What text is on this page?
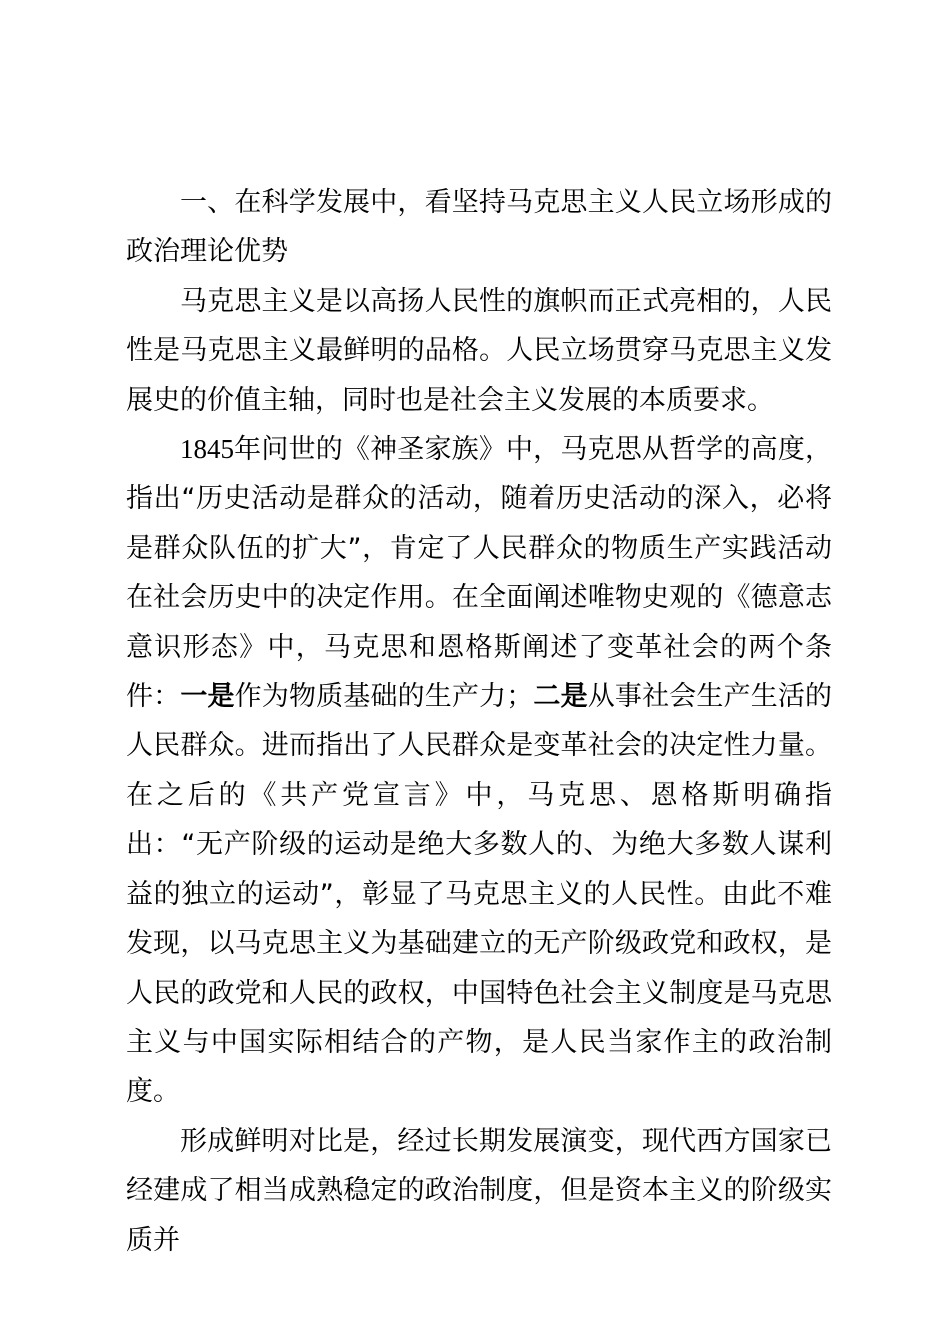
一、在科学发展中，看坚持马克思主义人民立场形成的政治理论优势

马克思主义是以高扬人民性的旗帜而正式亮相的，人民性是马克思主义最鲜明的品格。人民立场贯穿马克思主义发展史的价值主轴，同时也是社会主义发展的本质要求。

1845年问世的《神圣家族》中，马克思从哲学的高度，指出“历史活动是群众的活动，随着历史活动的深入，必将是群众队伍的扩大”，肯定了人民群众的物质生产实践活动在社会历史中的决定作用。在全面阐述唯物史观的《德意志意识形态》中，马克思和恩格斯阐述了变革社会的两个条件：一是作为物质基础的生产力；二是从事社会生产生活的人民群众。进而指出了人民群众是变革社会的决定性力量。在之后的《共产党宣言》中，马克思、恩格斯明确指出：“无产阶级的运动是绝大多数人的、为绝大多数人谋利益的独立的运动”，彰显了马克思主义的人民性。由此不难发现，以马克思主义为基础建立的无产阶级政党和政权，是人民的政党和人民的政权，中国特色社会主义制度是马克思主义与中国实际相结合的产物，是人民当家作主的政治制度。

形成鲜明对比是，经过长期发展演变，现代西方国家已经建成了相当成熟稳定的政治制度，但是资本主义的阶级实质并
